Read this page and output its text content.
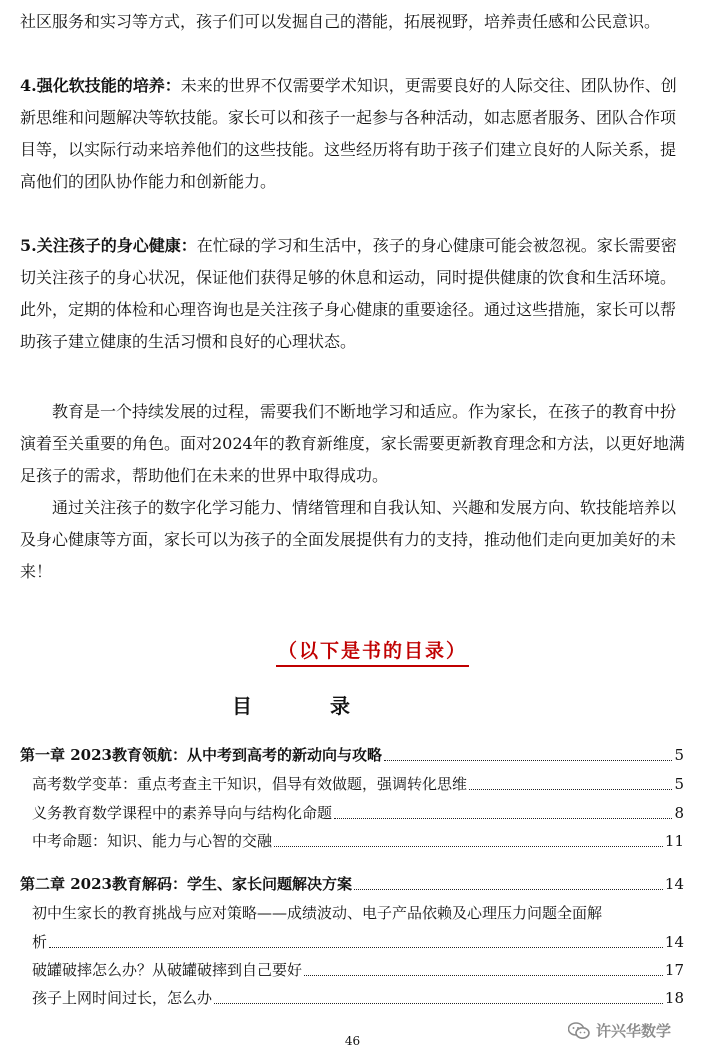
社区服务和实习等方式，孩子们可以发掘自己的潜能，拓展视野，培养责任感和公民意识。

4.强化软技能的培养：未来的世界不仅需要学术知识，更需要良好的人际交往、团队协作、创新思维和问题解决等软技能。家长可以和孩子一起参与各种活动，如志愿者服务、团队合作项目等，以实际行动来培养他们的这些技能。这些经历将有助于孩子们建立良好的人际关系，提高他们的团队协作能力和创新能力。

5.关注孩子的身心健康：在忙碌的学习和生活中，孩子的身心健康可能会被忽视。家长需要密切关注孩子的身心状况，保证他们获得足够的休息和运动，同时提供健康的饮食和生活环境。此外，定期的体检和心理咨询也是关注孩子身心健康的重要途径。通过这些措施，家长可以帮助孩子建立健康的生活习惯和良好的心理状态。

教育是一个持续发展的过程，需要我们不断地学习和适应。作为家长，在孩子的教育中扮演着至关重要的角色。面对2024年的教育新维度，家长需要更新教育理念和方法，以更好地满足孩子的需求，帮助他们在未来的世界中取得成功。

通过关注孩子的数字化学习能力、情绪管理和自我认知、兴趣和发展方向、软技能培养以及身心健康等方面，家长可以为孩子的全面发展提供有力的支持，推动他们走向更加美好的未来！

（以下是书的目录）
目录
第一章 2023教育领航：从中考到高考的新动向与攻略	5
高考数学变革：重点考查主干知识，倡导有效做题，强调转化思维	5
义务教育数学课程中的素养导向与结构化命题	8
中考命题：知识、能力与心智的交融	11
第二章 2023教育解码：学生、家长问题解决方案	14
初中生家长的教育挑战与应对策略——成绩波动、电子产品依赖及心理压力问题全面解
析	14
破罐破摔怎么办？从破罐破摔到自己要好	17
孩子上网时间过长，怎么办	18
46
许兴华数学
